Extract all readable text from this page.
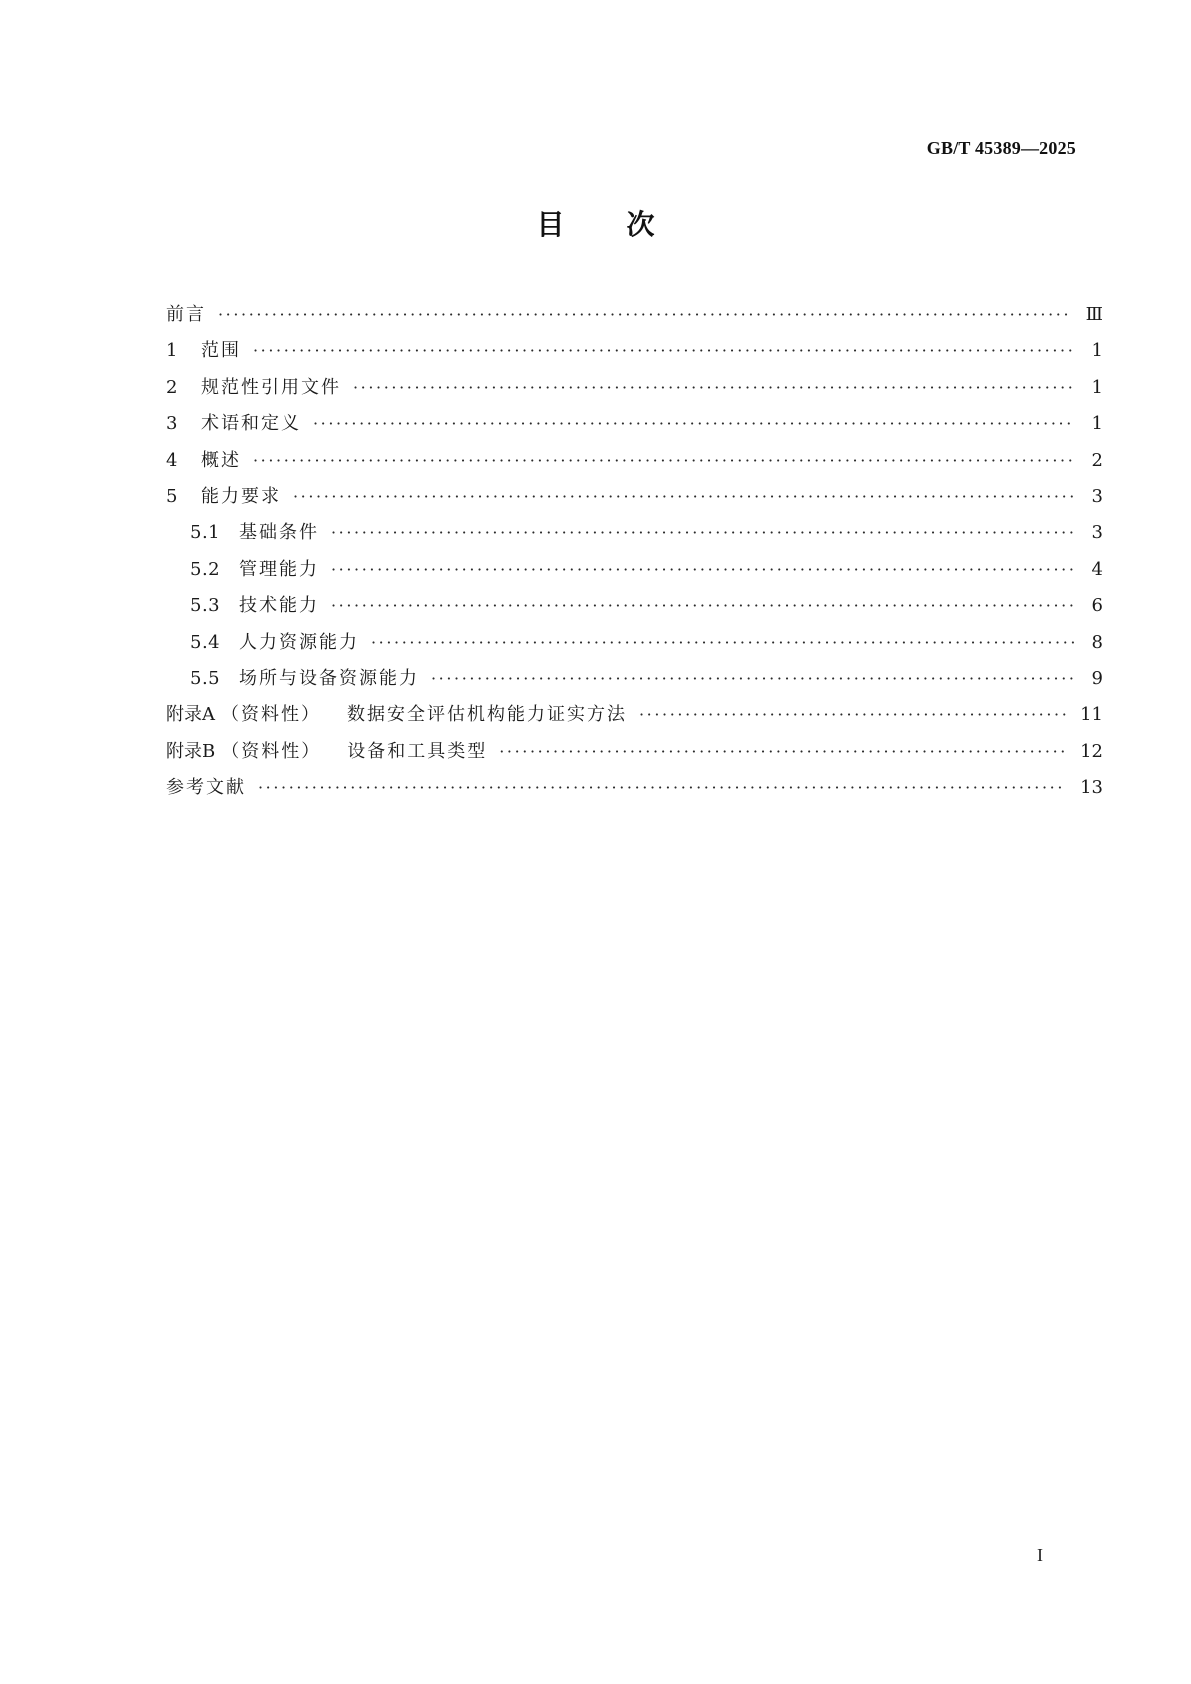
GB/T 45389—2025
目 次
前言 ·····	Ⅲ
1	范围 ·····	1
2	规范性引用文件 ·····	1
3	术语和定义 ·····	1
4	概述 ·····	2
5	能力要求 ·····	3
5.1	基础条件 ·····	3
5.2	管理能力 ·····	4
5.3	技术能力 ·····	6
5.4	人力资源能力 ·····	8
5.5	场所与设备资源能力 ·····	9
附录A （资料性） 数据安全评估机构能力证实方法 ·····	11
附录B （资料性） 设备和工具类型 ·····	12
参考文献 ·····	13
I
